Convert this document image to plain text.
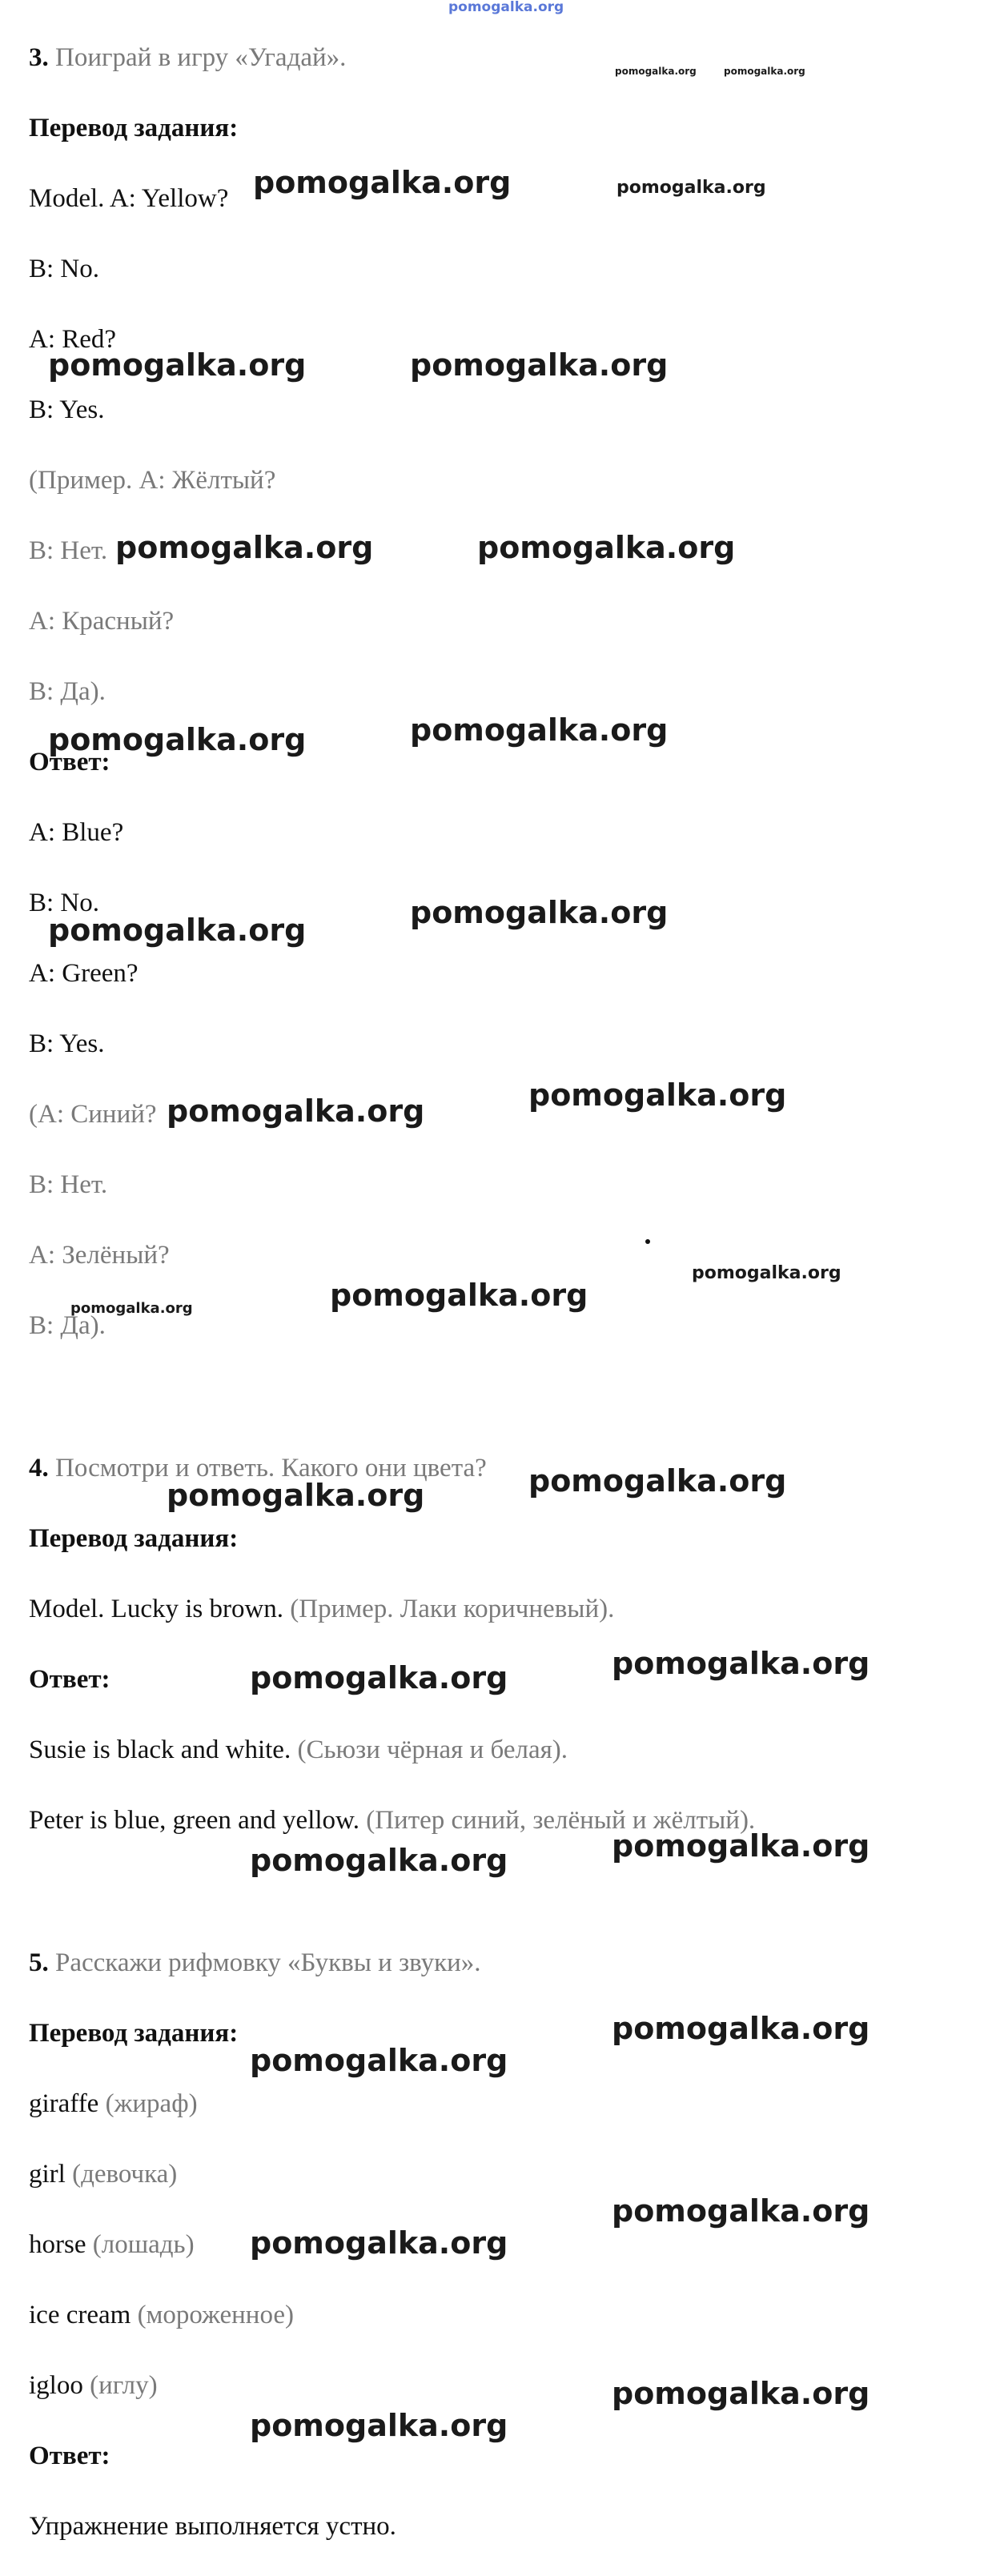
pomogalka.org
3. Поиграй в игру «Угадай».
Перевод задания:
Model. A: Yellow?
B: No.
A: Red?
B: Yes.
(Пример. А: Жёлтый?
В: Нет.
А: Красный?
В: Да).
Ответ:
A: Blue?
B: No.
A: Green?
B: Yes.
(А: Синий?
В: Нет.
А: Зелёный?
В: Да).
4. Посмотри и ответь. Какого они цвета?
Перевод задания:
Model. Lucky is brown. (Пример. Лаки коричневый).
Ответ:
Susie is black and white. (Сьюзи чёрная и белая).
Peter is blue, green and yellow. (Питер синий, зелёный и жёлтый).
5. Расскажи рифмовку «Буквы и звуки».
Перевод задания:
giraffe (жираф)
girl (девочка)
horse (лошадь)
ice cream (мороженное)
igloo (иглу)
Ответ:
Упражнение выполняется устно.
pomogalka.org	pomogalka.org
pomogalka.org	pomogalka.org
pomogalka.org	pomogalka.org
pomogalka.org	pomogalka.org
pomogalka.org
pomogalka.org
pomogalka.org
pomogalka.org
pomogalka.org
pomogalka.org
pomogalka.org
pomogalka.org
pomogalka.org
pomogalka.org
pomogalka.org
pomogalka.org
pomogalka.org
pomogalka.org
pomogalka.org
pomogalka.org
pomogalka.org
pomogalka.org
pomogalka.org
pomogalka.org
pomogalka.org
